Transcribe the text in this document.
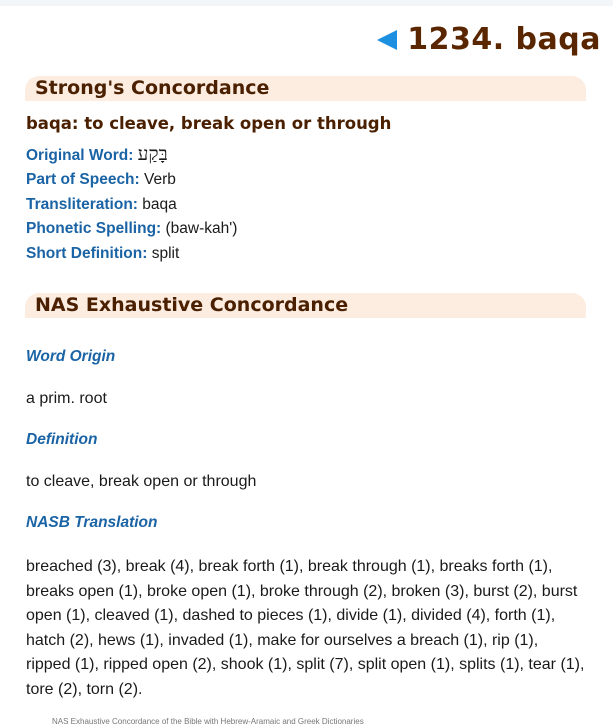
1234. baqa
Strong's Concordance
baqa: to cleave, break open or through
Original Word: בָּקַע
Part of Speech: Verb
Transliteration: baqa
Phonetic Spelling: (baw-kah')
Short Definition: split
NAS Exhaustive Concordance
Word Origin
a prim. root
Definition
to cleave, break open or through
NASB Translation
breached (3), break (4), break forth (1), break through (1), breaks forth (1), breaks open (1), broke open (1), broke through (2), broken (3), burst (2), burst open (1), cleaved (1), dashed to pieces (1), divide (1), divided (4), forth (1), hatch (2), hews (1), invaded (1), make for ourselves a breach (1), rip (1), ripped (1), ripped open (2), shook (1), split (7), split open (1), splits (1), tear (1), tore (2), torn (2).
NAS Exhaustive Concordance of the Bible with Hebrew-Aramaic and Greek Dictionaries
